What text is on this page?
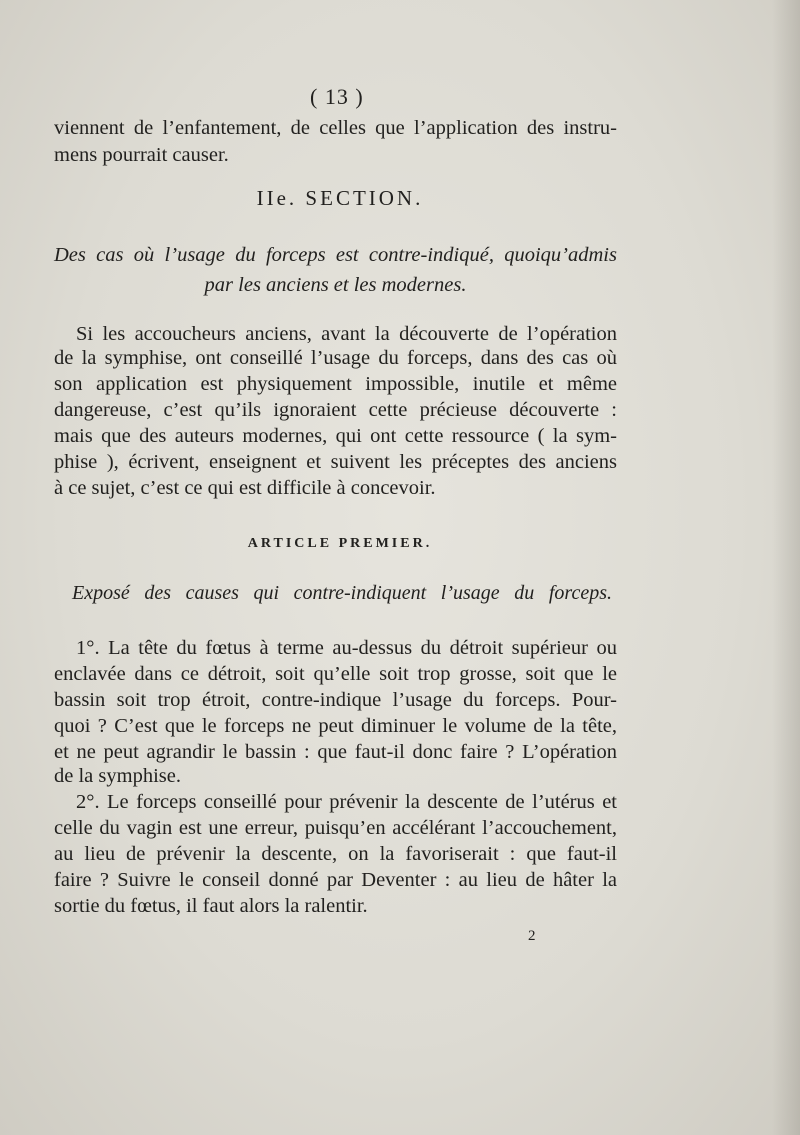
( 13 )
viennent de l’enfantement, de celles que l’application des instru-
mens pourrait causer.
IIe. SECTION.
Des cas où l’usage du forceps est contre-indiqué, quoiqu’admis
par les anciens et les modernes.
Si les accoucheurs anciens, avant la découverte de l’opération
de la symphise, ont conseillé l’usage du forceps, dans des cas où
son application est physiquement impossible, inutile et même
dangereuse, c’est qu’ils ignoraient cette précieuse découverte :
mais que des auteurs modernes, qui ont cette ressource ( la sym-
phise ), écrivent, enseignent et suivent les préceptes des anciens
à ce sujet, c’est ce qui est difficile à concevoir.
ARTICLE PREMIER.
Exposé des causes qui contre-indiquent l’usage du forceps.
1°. La tête du fœtus à terme au-dessus du détroit supérieur ou
enclavée dans ce détroit, soit qu’elle soit trop grosse, soit que le
bassin soit trop étroit, contre-indique l’usage du forceps. Pour-
quoi ? C’est que le forceps ne peut diminuer le volume de la tête,
et ne peut agrandir le bassin : que faut-il donc faire ? L’opération
de la symphise.
2°. Le forceps conseillé pour prévenir la descente de l’utérus et
celle du vagin est une erreur, puisqu’en accélérant l’accouchement,
au lieu de prévenir la descente, on la favoriserait : que faut-il
faire ? Suivre le conseil donné par Deventer : au lieu de hâter la
sortie du fœtus, il faut alors la ralentir.
2
